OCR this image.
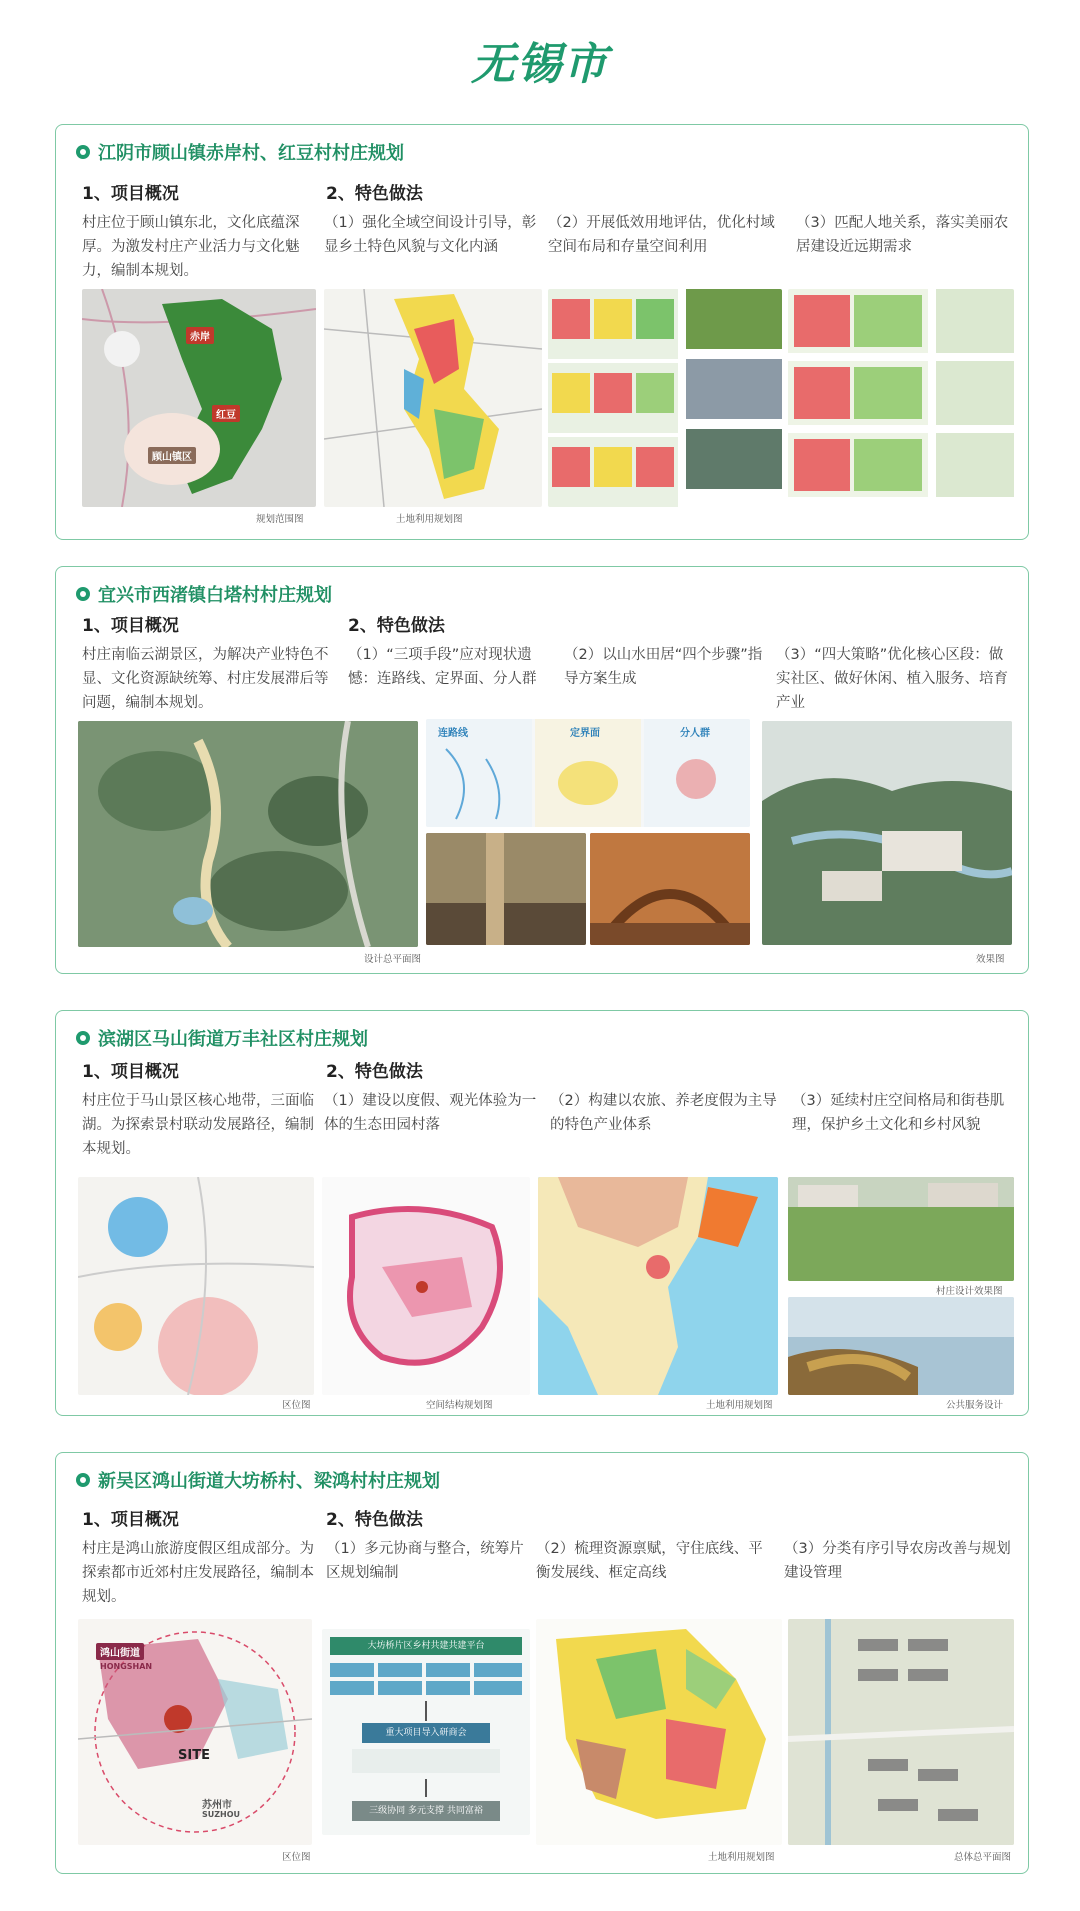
无锡市
江阴市顾山镇赤岸村、红豆村村庄规划
1、项目概况	2、特色做法
村庄位于顾山镇东北，文化底蕴深厚。为激发村庄产业活力与文化魅力，编制本规划。
（1）强化全域空间设计引导，彰显乡土特色风貌与文化内涵
（2）开展低效用地评估，优化村域空间布局和存量空间利用
（3）匹配人地关系，落实美丽农居建设近远期需求
赤岸
红豆
顾山镇区
规划范围图	土地利用规划图
宜兴市西渚镇白塔村村庄规划
1、项目概况	2、特色做法
村庄南临云湖景区，为解决产业特色不显、文化资源缺统筹、村庄发展滞后等问题，编制本规划。
（1）“三项手段”应对现状遗憾：连路线、定界面、分人群
（2）以山水田居“四个步骤”指导方案生成
（3）“四大策略”优化核心区段：做实社区、做好休闲、植入服务、培育产业
设计总平面图
连路线	定界面	分人群
效果图
滨湖区马山街道万丰社区村庄规划
1、项目概况	2、特色做法
村庄位于马山景区核心地带，三面临湖。为探索景村联动发展路径，编制本规划。
（1）建设以度假、观光体验为一体的生态田园村落
（2）构建以农旅、养老度假为主导的特色产业体系
（3）延续村庄空间格局和街巷肌理，保护乡土文化和乡村风貌
区位图	空间结构规划图	土地利用规划图
村庄设计效果图
公共服务设计
新吴区鸿山街道大坊桥村、梁鸿村村庄规划
1、项目概况	2、特色做法
村庄是鸿山旅游度假区组成部分。为探索都市近郊村庄发展路径，编制本规划。
（1）多元协商与整合，统筹片区规划编制
（2）梳理资源禀赋，守住底线、平衡发展线、框定高线
（3）分类有序引导农房改善与规划建设管理
鸿山街道
HONGSHAN
SITE
苏州市
SUZHOU
区位图
大坊桥片区乡村共建共建平台
重大项目导入研商会
三级协同 多元支撑 共同富裕
土地利用规划图	总体总平面图
